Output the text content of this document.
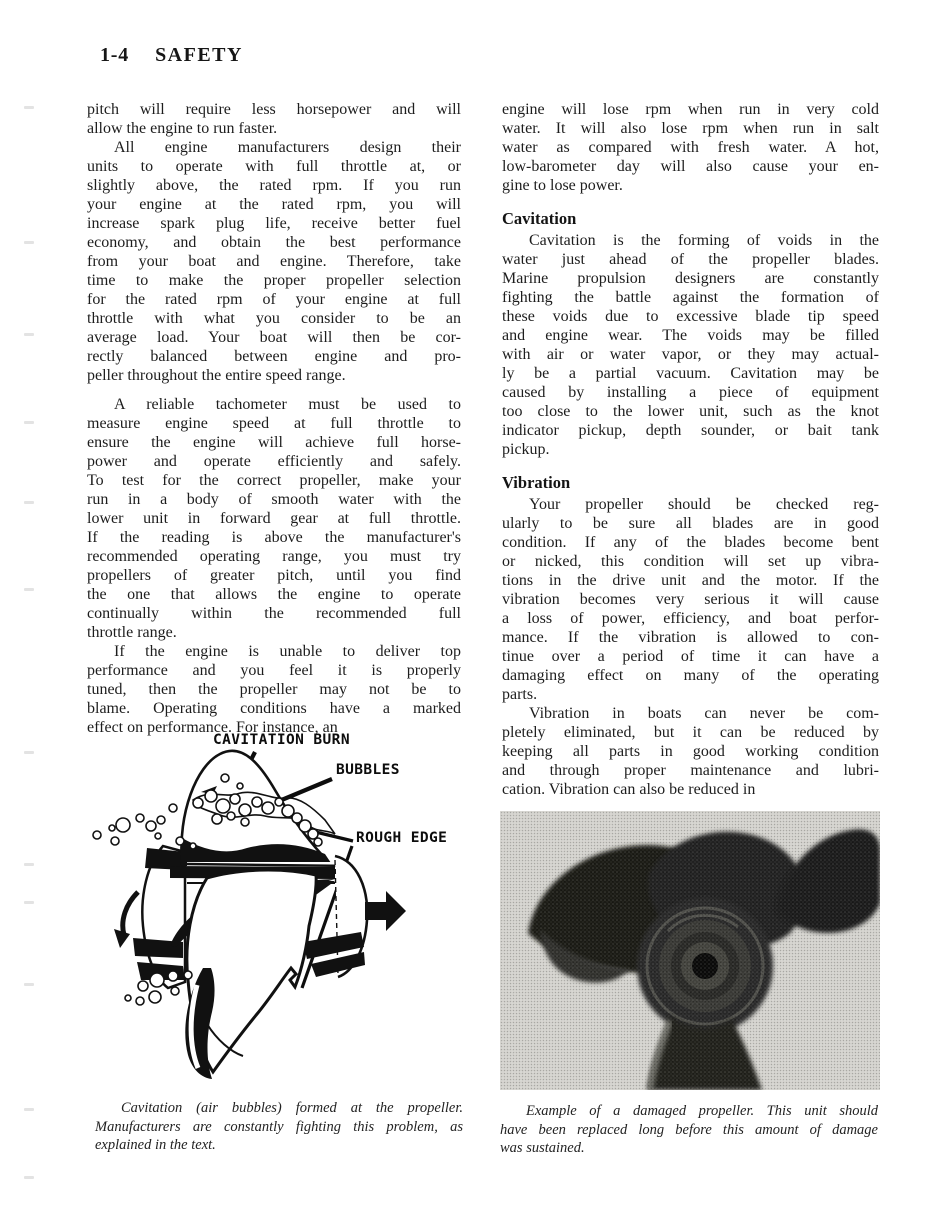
1-4 SAFETY
pitch will require less horsepower and will
allow the engine to run faster.
All engine manufacturers design their
units to operate with full throttle at, or
slightly above, the rated rpm. If you run
your engine at the rated rpm, you will
increase spark plug life, receive better fuel
economy, and obtain the best performance
from your boat and engine. Therefore, take
time to make the proper propeller selection
for the rated rpm of your engine at full
throttle with what you consider to be an
average load. Your boat will then be cor-
rectly balanced between engine and pro-
peller throughout the entire speed range.
A reliable tachometer must be used to
measure engine speed at full throttle to
ensure the engine will achieve full horse-
power and operate efficiently and safely.
To test for the correct propeller, make your
run in a body of smooth water with the
lower unit in forward gear at full throttle.
If the reading is above the manufacturer's
recommended operating range, you must try
propellers of greater pitch, until you find
the one that allows the engine to operate
continually within the recommended full
throttle range.
If the engine is unable to deliver top
performance and you feel it is properly
tuned, then the propeller may not be to
blame. Operating conditions have a marked
effect on performance. For instance, an
engine will lose rpm when run in very cold
water. It will also lose rpm when run in salt
water as compared with fresh water. A hot,
low-barometer day will also cause your en-
gine to lose power.
Cavitation
Cavitation is the forming of voids in the
water just ahead of the propeller blades.
Marine propulsion designers are constantly
fighting the battle against the formation of
these voids due to excessive blade tip speed
and engine wear. The voids may be filled
with air or water vapor, or they may actual-
ly be a partial vacuum. Cavitation may be
caused by installing a piece of equipment
too close to the lower unit, such as the knot
indicator pickup, depth sounder, or bait tank
pickup.
Vibration
Your propeller should be checked reg-
ularly to be sure all blades are in good
condition. If any of the blades become bent
or nicked, this condition will set up vibra-
tions in the drive unit and the motor. If the
vibration becomes very serious it will cause
a loss of power, efficiency, and boat perfor-
mance. If the vibration is allowed to con-
tinue over a period of time it can have a
damaging effect on many of the operating
parts.
Vibration in boats can never be com-
pletely eliminated, but it can be reduced by
keeping all parts in good working condition
and through proper maintenance and lubri-
cation. Vibration can also be reduced in
CAVITATION BURN
BUBBLES
ROUGH EDGE
Cavitation (air bubbles) formed at the propeller.
Manufacturers are constantly fighting this problem, as
explained in the text.
Example of a damaged propeller. This unit should
have been replaced long before this amount of damage
was sustained.
